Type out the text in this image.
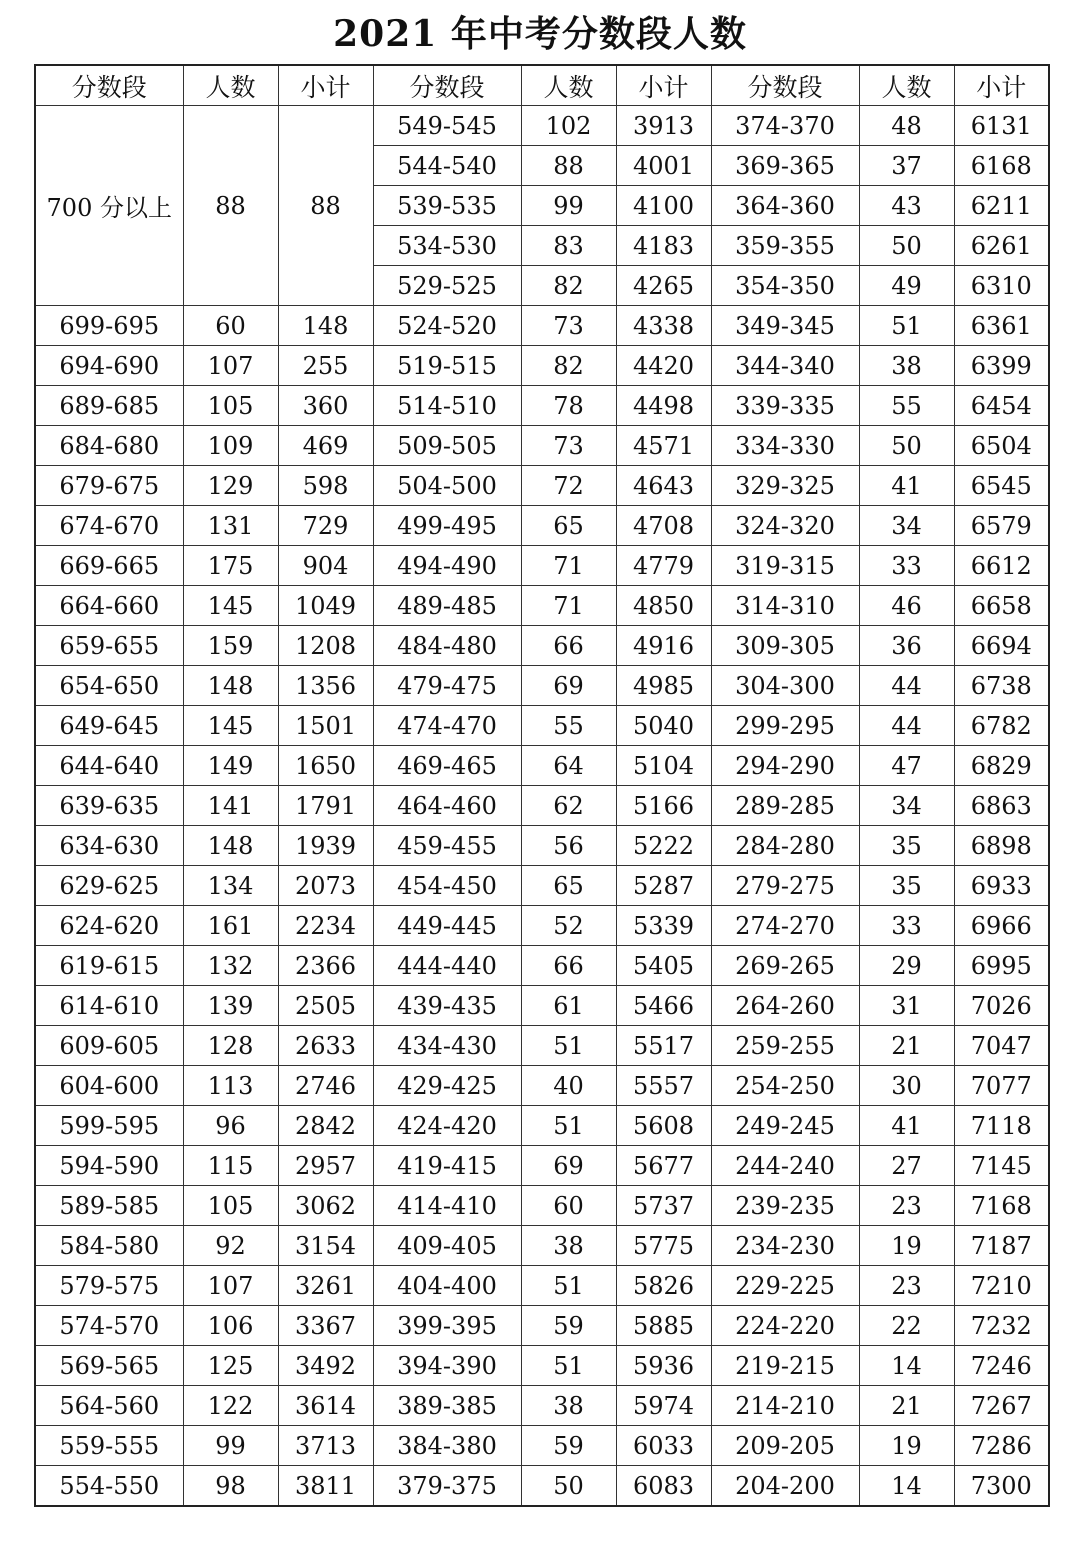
2021 年中考分数段人数
分数段	人数	小计	分数段	人数	小计	分数段	人数	小计
700 分以上	88	88	549-545	102	3913	374-370	48	6131
			544-540	88	4001	369-365	37	6168
			539-535	99	4100	364-360	43	6211
			534-530	83	4183	359-355	50	6261
			529-525	82	4265	354-350	49	6310
699-695	60	148	524-520	73	4338	349-345	51	6361
694-690	107	255	519-515	82	4420	344-340	38	6399
689-685	105	360	514-510	78	4498	339-335	55	6454
684-680	109	469	509-505	73	4571	334-330	50	6504
679-675	129	598	504-500	72	4643	329-325	41	6545
674-670	131	729	499-495	65	4708	324-320	34	6579
669-665	175	904	494-490	71	4779	319-315	33	6612
664-660	145	1049	489-485	71	4850	314-310	46	6658
659-655	159	1208	484-480	66	4916	309-305	36	6694
654-650	148	1356	479-475	69	4985	304-300	44	6738
649-645	145	1501	474-470	55	5040	299-295	44	6782
644-640	149	1650	469-465	64	5104	294-290	47	6829
639-635	141	1791	464-460	62	5166	289-285	34	6863
634-630	148	1939	459-455	56	5222	284-280	35	6898
629-625	134	2073	454-450	65	5287	279-275	35	6933
624-620	161	2234	449-445	52	5339	274-270	33	6966
619-615	132	2366	444-440	66	5405	269-265	29	6995
614-610	139	2505	439-435	61	5466	264-260	31	7026
609-605	128	2633	434-430	51	5517	259-255	21	7047
604-600	113	2746	429-425	40	5557	254-250	30	7077
599-595	96	2842	424-420	51	5608	249-245	41	7118
594-590	115	2957	419-415	69	5677	244-240	27	7145
589-585	105	3062	414-410	60	5737	239-235	23	7168
584-580	92	3154	409-405	38	5775	234-230	19	7187
579-575	107	3261	404-400	51	5826	229-225	23	7210
574-570	106	3367	399-395	59	5885	224-220	22	7232
569-565	125	3492	394-390	51	5936	219-215	14	7246
564-560	122	3614	389-385	38	5974	214-210	21	7267
559-555	99	3713	384-380	59	6033	209-205	19	7286
554-550	98	3811	379-375	50	6083	204-200	14	7300
